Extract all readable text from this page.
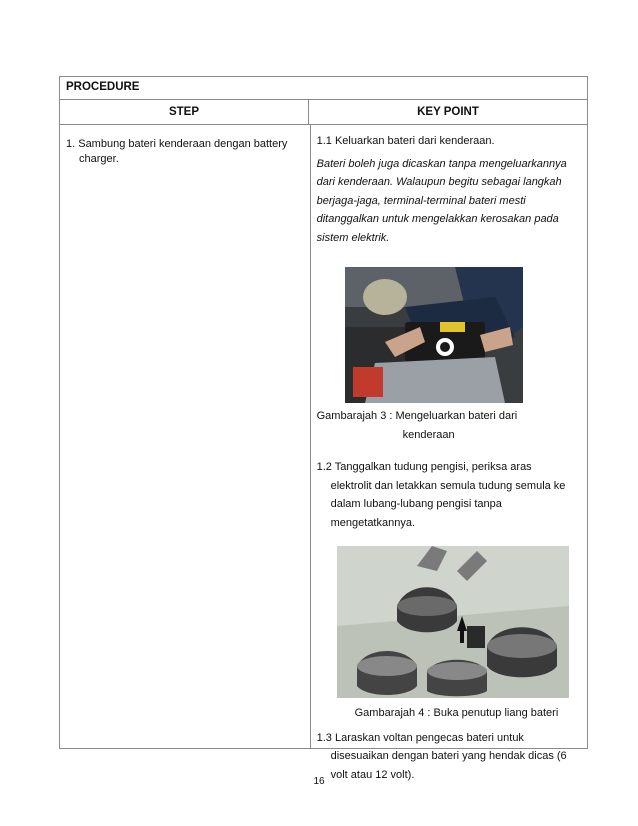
PROCEDURE
STEP	KEY POINT
1. Sambung bateri kenderaan dengan battery
charger.

1.1 Keluarkan bateri dari kenderaan.

Bateri boleh juga dicaskan tanpa mengeluarkannya dari kenderaan. Walaupun begitu sebagai langkah berjaga-jaga, terminal-terminal bateri mesti ditanggalkan untuk mengelakkan kerosakan pada sistem elektrik.

Gambarajah 3 : Mengeluarkan bateri dari

kenderaan

1.2 Tanggalkan tudung pengisi, periksa aras

elektrolit dan letakkan semula tudung semula ke dalam lubang-lubang pengisi tanpa mengetatkannya.

Gambarajah 4 : Buka penutup liang bateri

1.3 Laraskan voltan pengecas bateri untuk

disesuaikan dengan bateri yang hendak dicas (6 volt atau 12 volt).

16
